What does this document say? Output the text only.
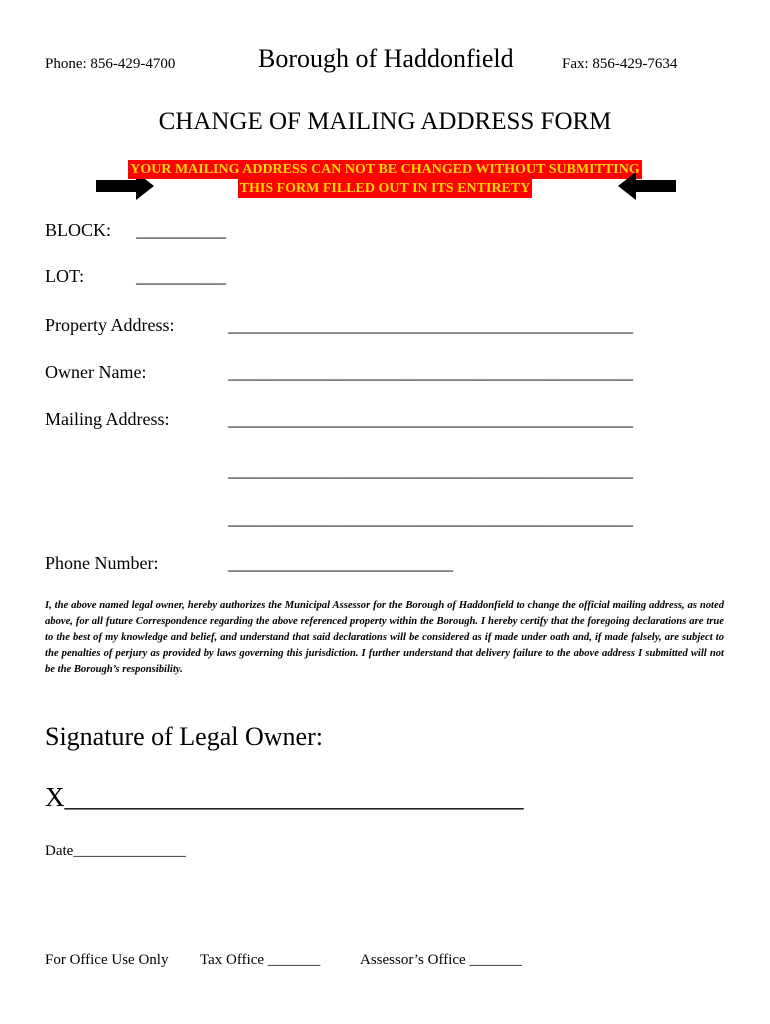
Phone: 856-429-4700	Borough of Haddonfield	Fax: 856-429-7634
CHANGE OF MAILING ADDRESS FORM
YOUR MAILING ADDRESS CAN NOT BE CHANGED WITHOUT SUBMITTING
THIS FORM FILLED OUT IN ITS ENTIRETY
BLOCK: __________
LOT:	__________
Property Address:	_____________________________________________
Owner Name:	_____________________________________________
Mailing Address:	_____________________________________________
_____________________________________________
_____________________________________________
Phone Number:	_________________________
I, the above named legal owner, hereby authorizes the Municipal Assessor for the Borough of Haddonfield to change the official mailing address, as noted above, for all future Correspondence regarding the above referenced property within the Borough. I hereby certify that the foregoing declarations are true to the best of my knowledge and belief, and understand that said declarations will be considered as if made under oath and, if made falsely, are subject to the penalties of perjury as provided by laws governing this jurisdiction. I further understand that delivery failure to the above address I submitted will not be the Borough’s responsibility.
Signature of Legal Owner:
X__________________________________
Date_______________
For Office Use Only Tax Office _______	Assessor’s Office _______
